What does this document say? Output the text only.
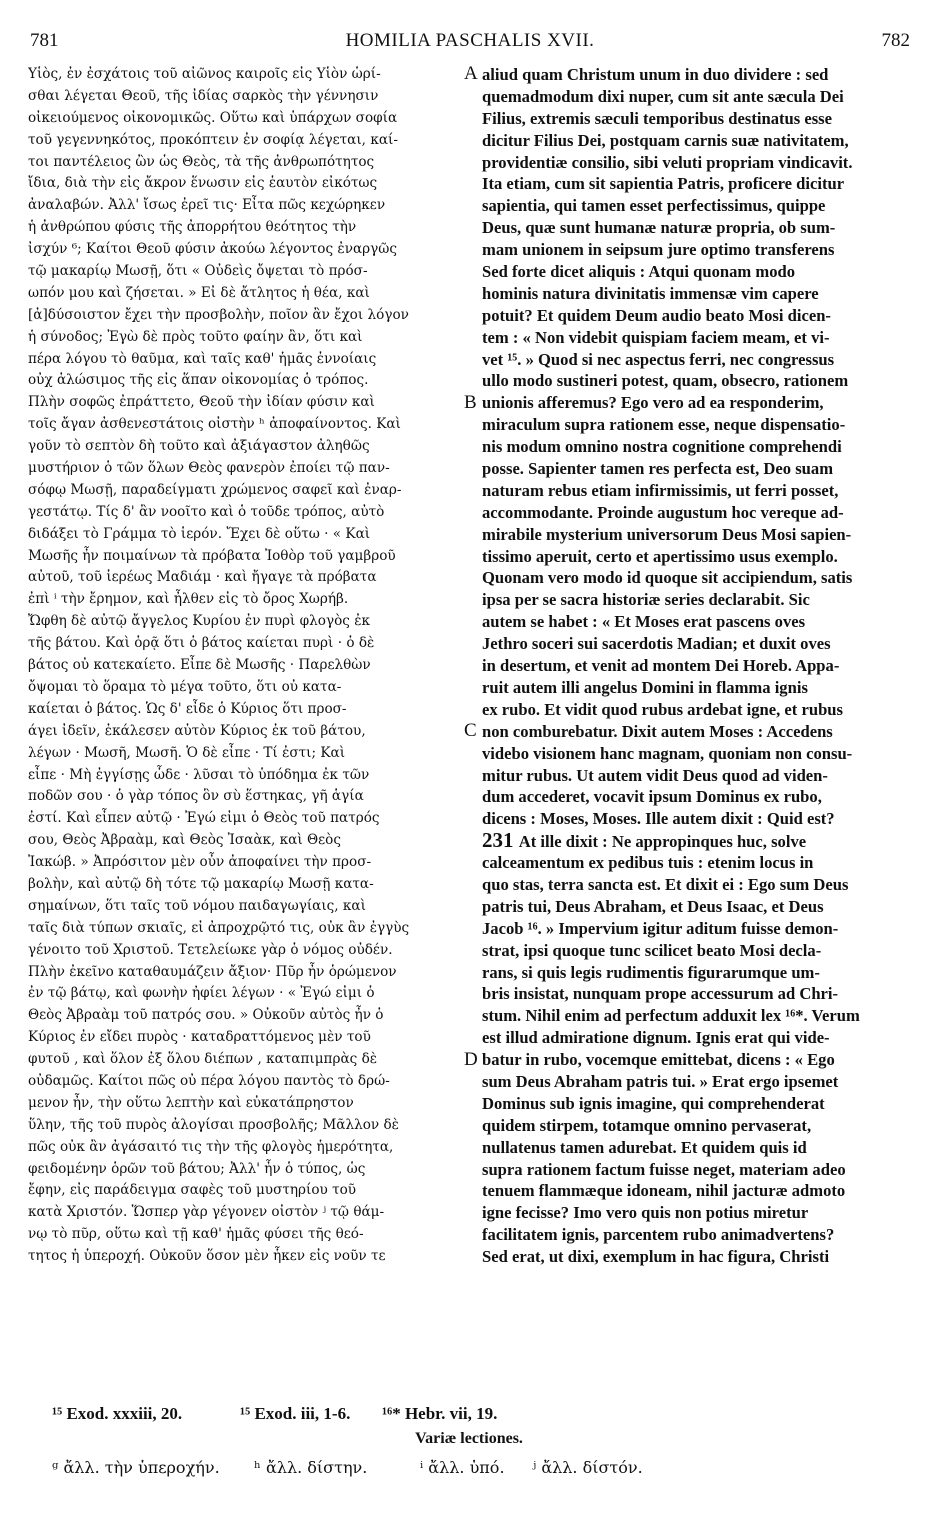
781	HOMILIA PASCHALIS XVII.	782
Υἱὸς, ἐν ἐσχάτοις τοῦ αἰῶνος καιροῖς εἰς Υἱὸν ὡρί-
σθαι λέγεται Θεοῦ, τῆς ἰδίας σαρκὸς τὴν γέννησιν
οἰκειούμενος οἰκονομικῶς. Οὕτω καὶ ὑπάρχων σοφία
τοῦ γεγεννηκότος, προκόπτειν ἐν σοφίᾳ λέγεται, καί-
τοι παντέλειος ὢν ὡς Θεὸς, τὰ τῆς ἀνθρωπότητος
ἴδια, διὰ τὴν εἰς ἄκρον ἕνωσιν εἰς ἑαυτὸν εἰκότως
ἀναλαβών. Ἀλλ' ἴσως ἐρεῖ τις· Εἶτα πῶς κεχώρηκεν
ἡ ἀνθρώπου φύσις τῆς ἀπορρήτου θεότητος τὴν
ἰσχύν ⁶; Καίτοι Θεοῦ φύσιν ἀκούω λέγοντος ἐναργῶς
τῷ μακαρίῳ Μωσῇ, ὅτι « Οὐδεὶς ὄψεται τὸ πρόσ-
ωπόν μου καὶ ζήσεται. » Εἰ δὲ ἄτλητος ἡ θέα, καὶ
[ἀ]δύσοιστον ἔχει τὴν προσβολὴν, ποῖον ἂν ἔχοι λόγον
ἡ σύνοδος; Ἐγὼ δὲ πρὸς τοῦτο φαίην ἂν, ὅτι καὶ
πέρα λόγου τὸ θαῦμα, καὶ ταῖς καθ' ἡμᾶς ἐννοίαις
οὐχ ἁλώσιμος τῆς εἰς ἅπαν οἰκονομίας ὁ τρόπος.
Πλὴν σοφῶς ἐπράττετο, Θεοῦ τὴν ἰδίαν φύσιν καὶ
τοῖς ἄγαν ἀσθενεστάτοις οἰστὴν ʰ ἀποφαίνοντος. Καὶ
γοῦν τὸ σεπτὸν δὴ τοῦτο καὶ ἀξιάγαστον ἀληθῶς
μυστήριον ὁ τῶν ὅλων Θεὸς φανερὸν ἐποίει τῷ παν-
σόφῳ Μωσῇ, παραδείγματι χρώμενος σαφεῖ καὶ ἐναρ-
γεστάτῳ. Τίς δ' ἂν νοοῖτο καὶ ὁ τοῦδε τρόπος, αὐτὸ
διδάξει τὸ Γράμμα τὸ ἱερόν. Ἔχει δὲ οὕτω · « Καὶ
Μωσῆς ἦν ποιμαίνων τὰ πρόβατα Ἰοθὸρ τοῦ γαμβροῦ
αὐτοῦ, τοῦ ἱερέως Μαδιάμ · καὶ ἤγαγε τὰ πρόβατα
ἐπὶ ⁱ τὴν ἔρημον, καὶ ἦλθεν εἰς τὸ ὄρος Χωρήβ.
Ὤφθη δὲ αὐτῷ ἄγγελος Κυρίου ἐν πυρὶ φλογὸς ἐκ
τῆς βάτου. Καὶ ὁρᾷ ὅτι ὁ βάτος καίεται πυρὶ · ὁ δὲ
βάτος οὐ κατεκαίετο. Εἶπε δὲ Μωσῆς · Παρελθὼν
ὄψομαι τὸ ὅραμα τὸ μέγα τοῦτο, ὅτι οὐ κατα-
καίεται ὁ βάτος. Ὡς δ' εἶδε ὁ Κύριος ὅτι προσ-
άγει ἰδεῖν, ἐκάλεσεν αὐτὸν Κύριος ἐκ τοῦ βάτου,
λέγων · Μωσῆ, Μωσῆ. Ὁ δὲ εἶπε · Τί ἐστι; Καὶ
εἶπε · Μὴ ἐγγίσῃς ὧδε · λῦσαι τὸ ὑπόδημα ἐκ τῶν
ποδῶν σου · ὁ γὰρ τόπος ὃν σὺ ἕστηκας, γῆ ἁγία
ἐστί. Καὶ εἶπεν αὐτῷ · Ἐγώ εἰμι ὁ Θεὸς τοῦ πατρός
σου, Θεὸς Ἀβραὰμ, καὶ Θεὸς Ἰσαὰκ, καὶ Θεὸς
Ἰακώβ. » Ἀπρόσιτον μὲν οὖν ἀποφαίνει τὴν προσ-
βολὴν, καὶ αὐτῷ δὴ τότε τῷ μακαρίῳ Μωσῇ κατα-
σημαίνων, ὅτι ταῖς τοῦ νόμου παιδαγωγίαις, καὶ
ταῖς διὰ τύπων σκιαῖς, εἰ ἀπροχρῷτό τις, οὐκ ἂν ἐγγὺς
γένοιτο τοῦ Χριστοῦ. Τετελείωκε γὰρ ὁ νόμος οὐδέν.
Πλὴν ἐκεῖνο καταθαυμάζειν ἄξιον· Πῦρ ἦν ὁρώμενον
ἐν τῷ βάτῳ, καὶ φωνὴν ἠφίει λέγων · « Ἐγώ εἰμι ὁ
Θεὸς Ἀβραὰμ τοῦ πατρός σου. » Οὐκοῦν αὐτὸς ἦν ὁ
Κύριος ἐν εἴδει πυρὸς · καταδραττόμενος μὲν τοῦ
φυτοῦ , καὶ ὅλον ἐξ ὅλου διέπων , καταπιμπρὰς δὲ
οὐδαμῶς. Καίτοι πῶς οὐ πέρα λόγου παντὸς τὸ δρώ-
μενον ἦν, τὴν οὕτω λεπτὴν καὶ εὐκατάπρηστον
ὕλην, τῆς τοῦ πυρὸς ἀλογίσαι προσβολῆς; Μᾶλλον δὲ
πῶς οὐκ ἂν ἀγάσαιτό τις τὴν τῆς φλογὸς ἡμερότητα,
φειδομένην ὁρῶν τοῦ βάτου; Ἀλλ' ἦν ὁ τύπος, ὡς
ἔφην, εἰς παράδειγμα σαφὲς τοῦ μυστηρίου τοῦ
κατὰ Χριστόν. Ὥσπερ γὰρ γέγονεν οἰστὸν ʲ τῷ θάμ-
νῳ τὸ πῦρ, οὕτω καὶ τῇ καθ' ἡμᾶς φύσει τῆς θεό-
τητος ἡ ὑπεροχή. Οὐκοῦν ὅσον μὲν ἧκεν εἰς νοῦν τε
aliud quam Christum unum in duo dividere : sed
quemadmodum dixi nuper, cum sit ante sæcula Dei
Filius, extremis sæculi temporibus destinatus esse
dicitur Filius Dei, postquam carnis suæ nativitatem,
providentiæ consilio, sibi veluti propriam vindicavit.
Ita etiam, cum sit sapientia Patris, proficere dicitur
sapientia, qui tamen esset perfectissimus, quippe
Deus, quæ sunt humanæ naturæ propria, ob sum-
mam unionem in seipsum jure optimo transferens
Sed forte dicet aliquis : Atqui quonam modo
hominis natura divinitatis immensæ vim capere
potuit? Et quidem Deum audio beato Mosi dicen-
tem : « Non videbit quispiam faciem meam, et vi-
vet ¹⁵. » Quod si nec aspectus ferri, nec congressus
ullo modo sustineri potest, quam, obsecro, rationem
unionis afferemus? Ego vero ad ea responderim,
miraculum supra rationem esse, neque dispensatio-
nis modum omnino nostra cognitione comprehendi
posse. Sapienter tamen res perfecta est, Deo suam
naturam rebus etiam infirmissimis, ut ferri posset,
accommodante. Proinde augustum hoc vereque ad-
mirabile mysterium universorum Deus Mosi sapien-
tissimo aperuit, certo et apertissimo usus exemplo.
Quonam vero modo id quoque sit accipiendum, satis
ipsa per se sacra historiæ series declarabit. Sic
autem se habet : « Et Moses erat pascens oves
Jethro soceri sui sacerdotis Madian; et duxit oves
in desertum, et venit ad montem Dei Horeb. Appa-
ruit autem illi angelus Domini in flamma ignis
ex rubo. Et vidit quod rubus ardebat igne, et rubus
non comburebatur. Dixit autem Moses : Accedens
videbo visionem hanc magnam, quoniam non consu-
mitur rubus. Ut autem vidit Deus quod ad viden-
dum accederet, vocavit ipsum Dominus ex rubo,
dicens : Moses, Moses. Ille autem dixit : Quid est?
231 At ille dixit : Ne appropinques huc, solve
calceamentum ex pedibus tuis : etenim locus in
quo stas, terra sancta est. Et dixit ei : Ego sum Deus
patris tui, Deus Abraham, et Deus Isaac, et Deus
Jacob ¹⁶. » Impervium igitur aditum fuisse demon-
strat, ipsi quoque tunc scilicet beato Mosi decla-
rans, si quis legis rudimentis figurarumque um-
bris insistat, nunquam prope accessurum ad Chri-
stum. Nihil enim ad perfectum adduxit lex ¹⁶*. Verum
est illud admiratione dignum. Ignis erat qui vide-
batur in rubo, vocemque emittebat, dicens : « Ego
sum Deus Abraham patris tui. » Erat ergo ipsemet
Dominus sub ignis imagine, qui comprehenderat
quidem stirpem, totamque omnino pervaserat,
nullatenus tamen adurebat. Et quidem quis id
supra rationem factum fuisse neget, materiam adeo
tenuem flammæque idoneam, nihil jacturæ admoto
igne fecisse? Imo vero quis non potius miretur
facilitatem ignis, parcentem rubo animadvertens?
Sed erat, ut dixi, exemplum in hac figura, Christi
A
B
C
D
¹⁵ Exod. xxxiii, 20.	¹⁵ Exod. iii, 1-6. ¹⁶* Hebr. vii, 19.
Variæ lectiones.
ᵍ ἄλλ. τὴν ὑπεροχήν. ʰ ἄλλ. δίστην.	ⁱ ἄλλ. ὑπό. ʲ ἄλλ. δίστόν.
